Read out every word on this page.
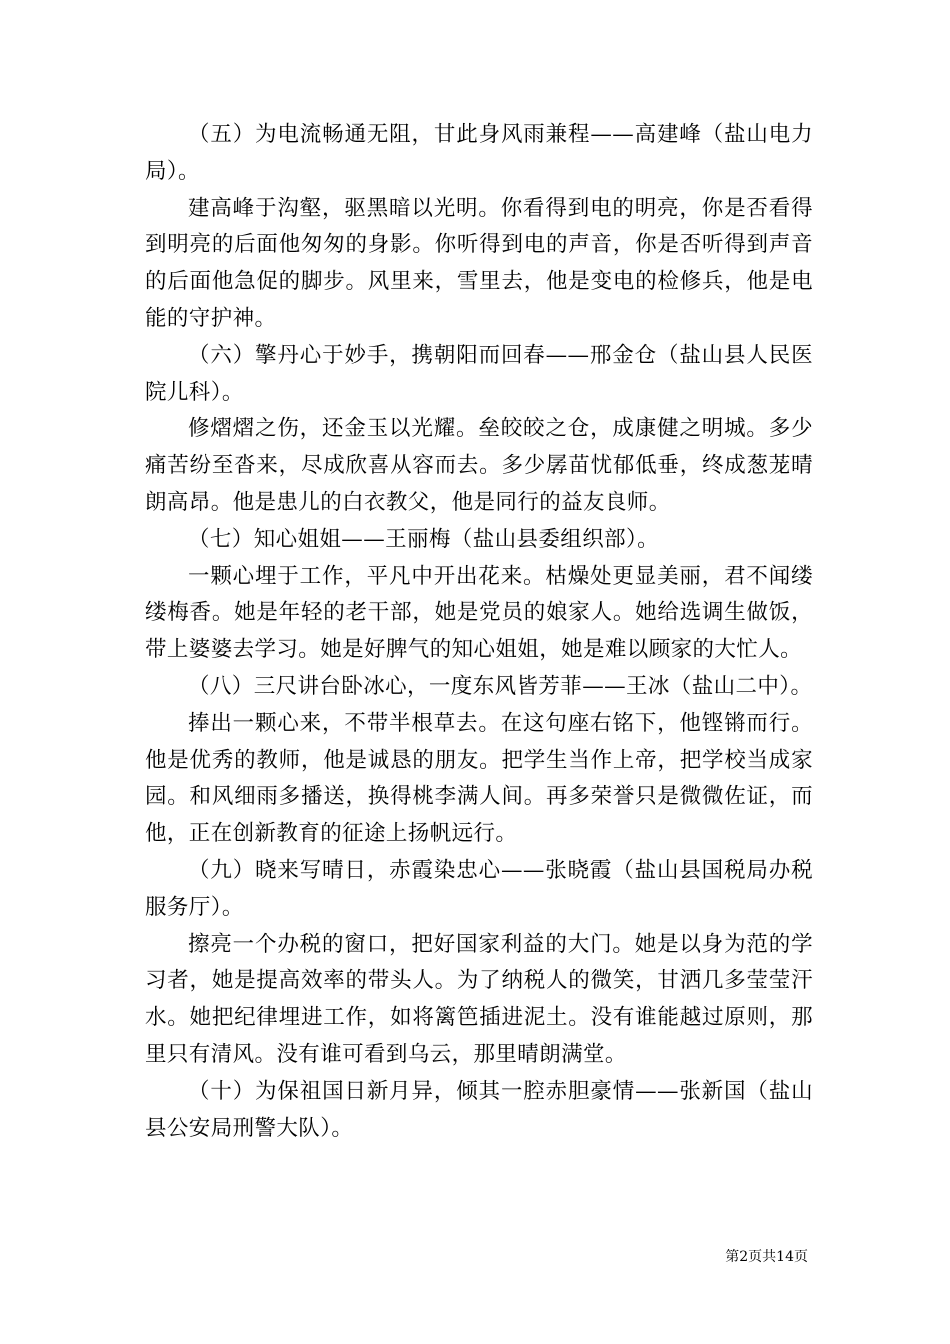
（五）为电流畅通无阻，甘此身风雨兼程——高建峰（盐山电力局）。

建高峰于沟壑，驱黑暗以光明。你看得到电的明亮，你是否看得到明亮的后面他匆匆的身影。你听得到电的声音，你是否听得到声音的后面他急促的脚步。风里来，雪里去，他是变电的检修兵，他是电能的守护神。

（六）擎丹心于妙手，携朝阳而回春——邢金仓（盐山县人民医院儿科）。

修熠熠之伤，还金玉以光耀。垒皎皎之仓，成康健之明城。多少痛苦纷至沓来，尽成欣喜从容而去。多少孱苗忧郁低垂，终成葱茏晴朗高昂。他是患儿的白衣教父，他是同行的益友良师。

（七）知心姐姐——王丽梅（盐山县委组织部）。

一颗心埋于工作，平凡中开出花来。枯燥处更显美丽，君不闻缕缕梅香。她是年轻的老干部，她是党员的娘家人。她给选调生做饭，带上婆婆去学习。她是好脾气的知心姐姐，她是难以顾家的大忙人。

（八）三尺讲台卧冰心，一度东风皆芳菲——王冰（盐山二中）。

捧出一颗心来，不带半根草去。在这句座右铭下，他铿锵而行。他是优秀的教师，他是诚恳的朋友。把学生当作上帝，把学校当成家园。和风细雨多播送，换得桃李满人间。再多荣誉只是微微佐证，而他，正在创新教育的征途上扬帆远行。

（九）晓来写晴日，赤霞染忠心——张晓霞（盐山县国税局办税服务厅）。

擦亮一个办税的窗口，把好国家利益的大门。她是以身为范的学习者，她是提高效率的带头人。为了纳税人的微笑，甘洒几多莹莹汗水。她把纪律埋进工作，如将篱笆插进泥土。没有谁能越过原则，那里只有清风。没有谁可看到乌云，那里晴朗满堂。

（十）为保祖国日新月异，倾其一腔赤胆豪情——张新国（盐山县公安局刑警大队）。

第2页共14页
